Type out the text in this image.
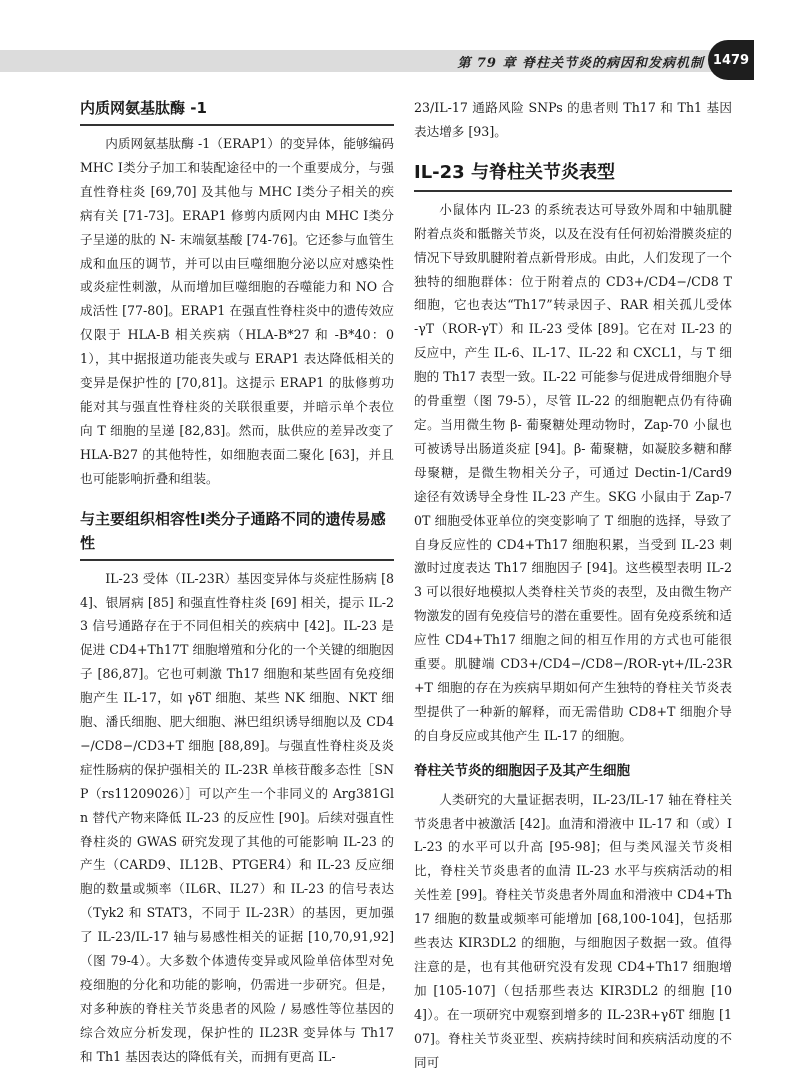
第 79 章 脊柱关节炎的病因和发病机制 1479
内质网氨基肽酶 -1

内质网氨基肽酶 -1（ERAP1）的变异体，能够编码 MHC Ⅰ类分子加工和装配途径中的一个重要成分，与强直性脊柱炎 [69,70] 及其他与 MHC Ⅰ类分子相关的疾病有关 [71-73]。ERAP1 修剪内质网内由 MHC Ⅰ类分子呈递的肽的 N- 末端氨基酸 [74-76]。它还参与血管生成和血压的调节，并可以由巨噬细胞分泌以应对感染性或炎症性刺激，从而增加巨噬细胞的吞噬能力和 NO 合成活性 [77-80]。ERAP1 在强直性脊柱炎中的遗传效应仅限于 HLA-B 相关疾病（HLA-B*27 和 -B*40：01），其中据报道功能丧失或与 ERAP1 表达降低相关的变异是保护性的 [70,81]。这提示 ERAP1 的肽修剪功能对其与强直性脊柱炎的关联很重要，并暗示单个表位向 T 细胞的呈递 [82,83]。然而，肽供应的差异改变了 HLA-B27 的其他特性，如细胞表面二聚化 [63]，并且也可能影响折叠和组装。

与主要组织相容性Ⅰ类分子通路不同的遗传易感性

IL-23 受体（IL-23R）基因变异体与炎症性肠病 [84]、银屑病 [85] 和强直性脊柱炎 [69] 相关，提示 IL-23 信号通路存在于不同但相关的疾病中 [42]。IL-23 是促进 CD4+Th17T 细胞增殖和分化的一个关键的细胞因子 [86,87]。它也可刺激 Th17 细胞和某些固有免疫细胞产生 IL-17，如 γδT 细胞、某些 NK 细胞、NKT 细胞、潘氏细胞、肥大细胞、淋巴组织诱导细胞以及 CD4−/CD8−/CD3+T 细胞 [88,89]。与强直性脊柱炎及炎症性肠病的保护强相关的 IL-23R 单核苷酸多态性［SNP（rs11209026）］可以产生一个非同义的 Arg381Gln 替代产物来降低 IL-23 的反应性 [90]。后续对强直性脊柱炎的 GWAS 研究发现了其他的可能影响 IL-23 的产生（CARD9、IL12B、PTGER4）和 IL-23 反应细胞的数量或频率（IL6R、IL27）和 IL-23 的信号表达（Tyk2 和 STAT3，不同于 IL-23R）的基因，更加强了 IL-23/IL-17 轴与易感性相关的证据 [10,70,91,92]（图 79-4）。大多数个体遗传变异或风险单倍体型对免疫细胞的分化和功能的影响，仍需进一步研究。但是，对多种族的脊柱关节炎患者的风险 / 易感性等位基因的综合效应分析发现，保护性的 IL23R 变异体与 Th17 和 Th1 基因表达的降低有关，而拥有更高 IL-

23/IL-17 通路风险 SNPs 的患者则 Th17 和 Th1 基因表达增多 [93]。

IL-23 与脊柱关节炎表型

小鼠体内 IL-23 的系统表达可导致外周和中轴肌腱附着点炎和骶髂关节炎，以及在没有任何初始滑膜炎症的情况下导致肌腱附着点新骨形成。由此，人们发现了一个独特的细胞群体：位于附着点的 CD3+/CD4−/CD8 T 细胞，它也表达“Th17”转录因子、RAR 相关孤儿受体 -γT（ROR-γT）和 IL-23 受体 [89]。它在对 IL-23 的反应中，产生 IL-6、IL-17、IL-22 和 CXCL1，与 T 细胞的 Th17 表型一致。IL-22 可能参与促进成骨细胞介导的骨重塑（图 79-5），尽管 IL-22 的细胞靶点仍有待确定。当用微生物 β- 葡聚糖处理动物时，Zap-70 小鼠也可被诱导出肠道炎症 [94]。β- 葡聚糖，如凝胶多糖和酵母聚糖，是微生物相关分子，可通过 Dectin-1/Card9 途径有效诱导全身性 IL-23 产生。SKG 小鼠由于 Zap-70T 细胞受体亚单位的突变影响了 T 细胞的选择，导致了自身反应性的 CD4+Th17 细胞积累，当受到 IL-23 刺激时过度表达 Th17 细胞因子 [94]。这些模型表明 IL-23 可以很好地模拟人类脊柱关节炎的表型，及由微生物产物激发的固有免疫信号的潜在重要性。固有免疫系统和适应性 CD4+Th17 细胞之间的相互作用的方式也可能很重要。肌腱端 CD3+/CD4−/CD8−/ROR-γt+/IL-23R+T 细胞的存在为疾病早期如何产生独特的脊柱关节炎表型提供了一种新的解释，而无需借助 CD8+T 细胞介导的自身反应或其他产生 IL-17 的细胞。

脊柱关节炎的细胞因子及其产生细胞

人类研究的大量证据表明，IL-23/IL-17 轴在脊柱关节炎患者中被激活 [42]。血清和滑液中 IL-17 和（或）IL-23 的水平可以升高 [95-98]；但与类风湿关节炎相比，脊柱关节炎患者的血清 IL-23 水平与疾病活动的相关性差 [99]。脊柱关节炎患者外周血和滑液中 CD4+Th17 细胞的数量或频率可能增加 [68,100-104]，包括那些表达 KIR3DL2 的细胞，与细胞因子数据一致。值得注意的是，也有其他研究没有发现 CD4+Th17 细胞增加 [105-107]（包括那些表达 KIR3DL2 的细胞 [104]）。在一项研究中观察到增多的 IL-23R+γδT 细胞 [107]。脊柱关节炎亚型、疾病持续时间和疾病活动度的不同可
